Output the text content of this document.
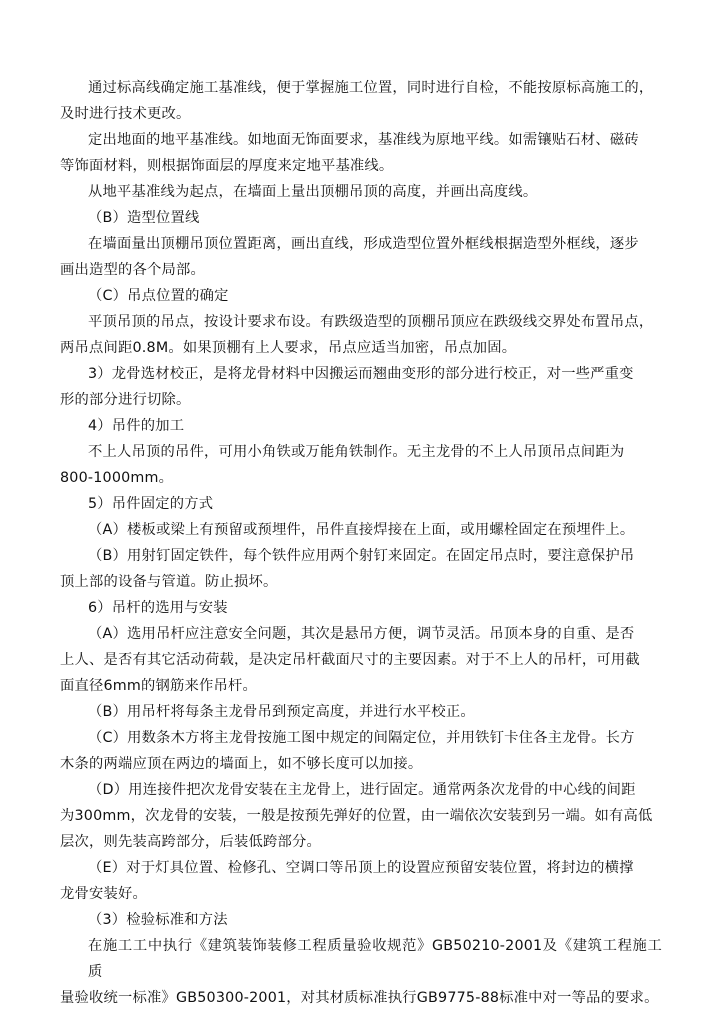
通过标高线确定施工基准线，便于掌握施工位置，同时进行自检，不能按原标高施工的，
及时进行技术更改。
定出地面的地平基准线。如地面无饰面要求，基准线为原地平线。如需镶贴石材、磁砖
等饰面材料，则根据饰面层的厚度来定地平基准线。
从地平基准线为起点，在墙面上量出顶棚吊顶的高度，并画出高度线。
（B）造型位置线
在墙面量出顶棚吊顶位置距离，画出直线，形成造型位置外框线根据造型外框线，逐步
画出造型的各个局部。
（C）吊点位置的确定
平顶吊顶的吊点，按设计要求布设。有跌级造型的顶棚吊顶应在跌级线交界处布置吊点，
两吊点间距0.8M。如果顶棚有上人要求，吊点应适当加密，吊点加固。
3）龙骨选材校正，是将龙骨材料中因搬运而翘曲变形的部分进行校正，对一些严重变
形的部分进行切除。
4）吊件的加工
不上人吊顶的吊件，可用小角铁或万能角铁制作。无主龙骨的不上人吊顶吊点间距为
800-1000mm。
5）吊件固定的方式
（A）楼板或梁上有预留或预埋件，吊件直接焊接在上面，或用螺栓固定在预埋件上。
（B）用射钉固定铁件，每个铁件应用两个射钉来固定。在固定吊点时，要注意保护吊
顶上部的设备与管道。防止损坏。
6）吊杆的选用与安装
（A）选用吊杆应注意安全问题，其次是悬吊方便，调节灵活。吊顶本身的自重、是否
上人、是否有其它活动荷载，是决定吊杆截面尺寸的主要因素。对于不上人的吊杆，可用截
面直径6mm的钢筋来作吊杆。
（B）用吊杆将每条主龙骨吊到预定高度，并进行水平校正。
（C）用数条木方将主龙骨按施工图中规定的间隔定位，并用铁钉卡住各主龙骨。长方
木条的两端应顶在两边的墙面上，如不够长度可以加接。
（D）用连接件把次龙骨安装在主龙骨上，进行固定。通常两条次龙骨的中心线的间距
为300mm，次龙骨的安装，一般是按预先弹好的位置，由一端依次安装到另一端。如有高低
层次，则先装高跨部分，后装低跨部分。
（E）对于灯具位置、检修孔、空调口等吊顶上的设置应预留安装位置，将封边的横撑
龙骨安装好。
（3）检验标准和方法
在施工工中执行《建筑装饰装修工程质量验收规范》GB50210-2001及《建筑工程施工质
量验收统一标准》GB50300-2001，对其材质标准执行GB9775-88标准中对一等品的要求。
